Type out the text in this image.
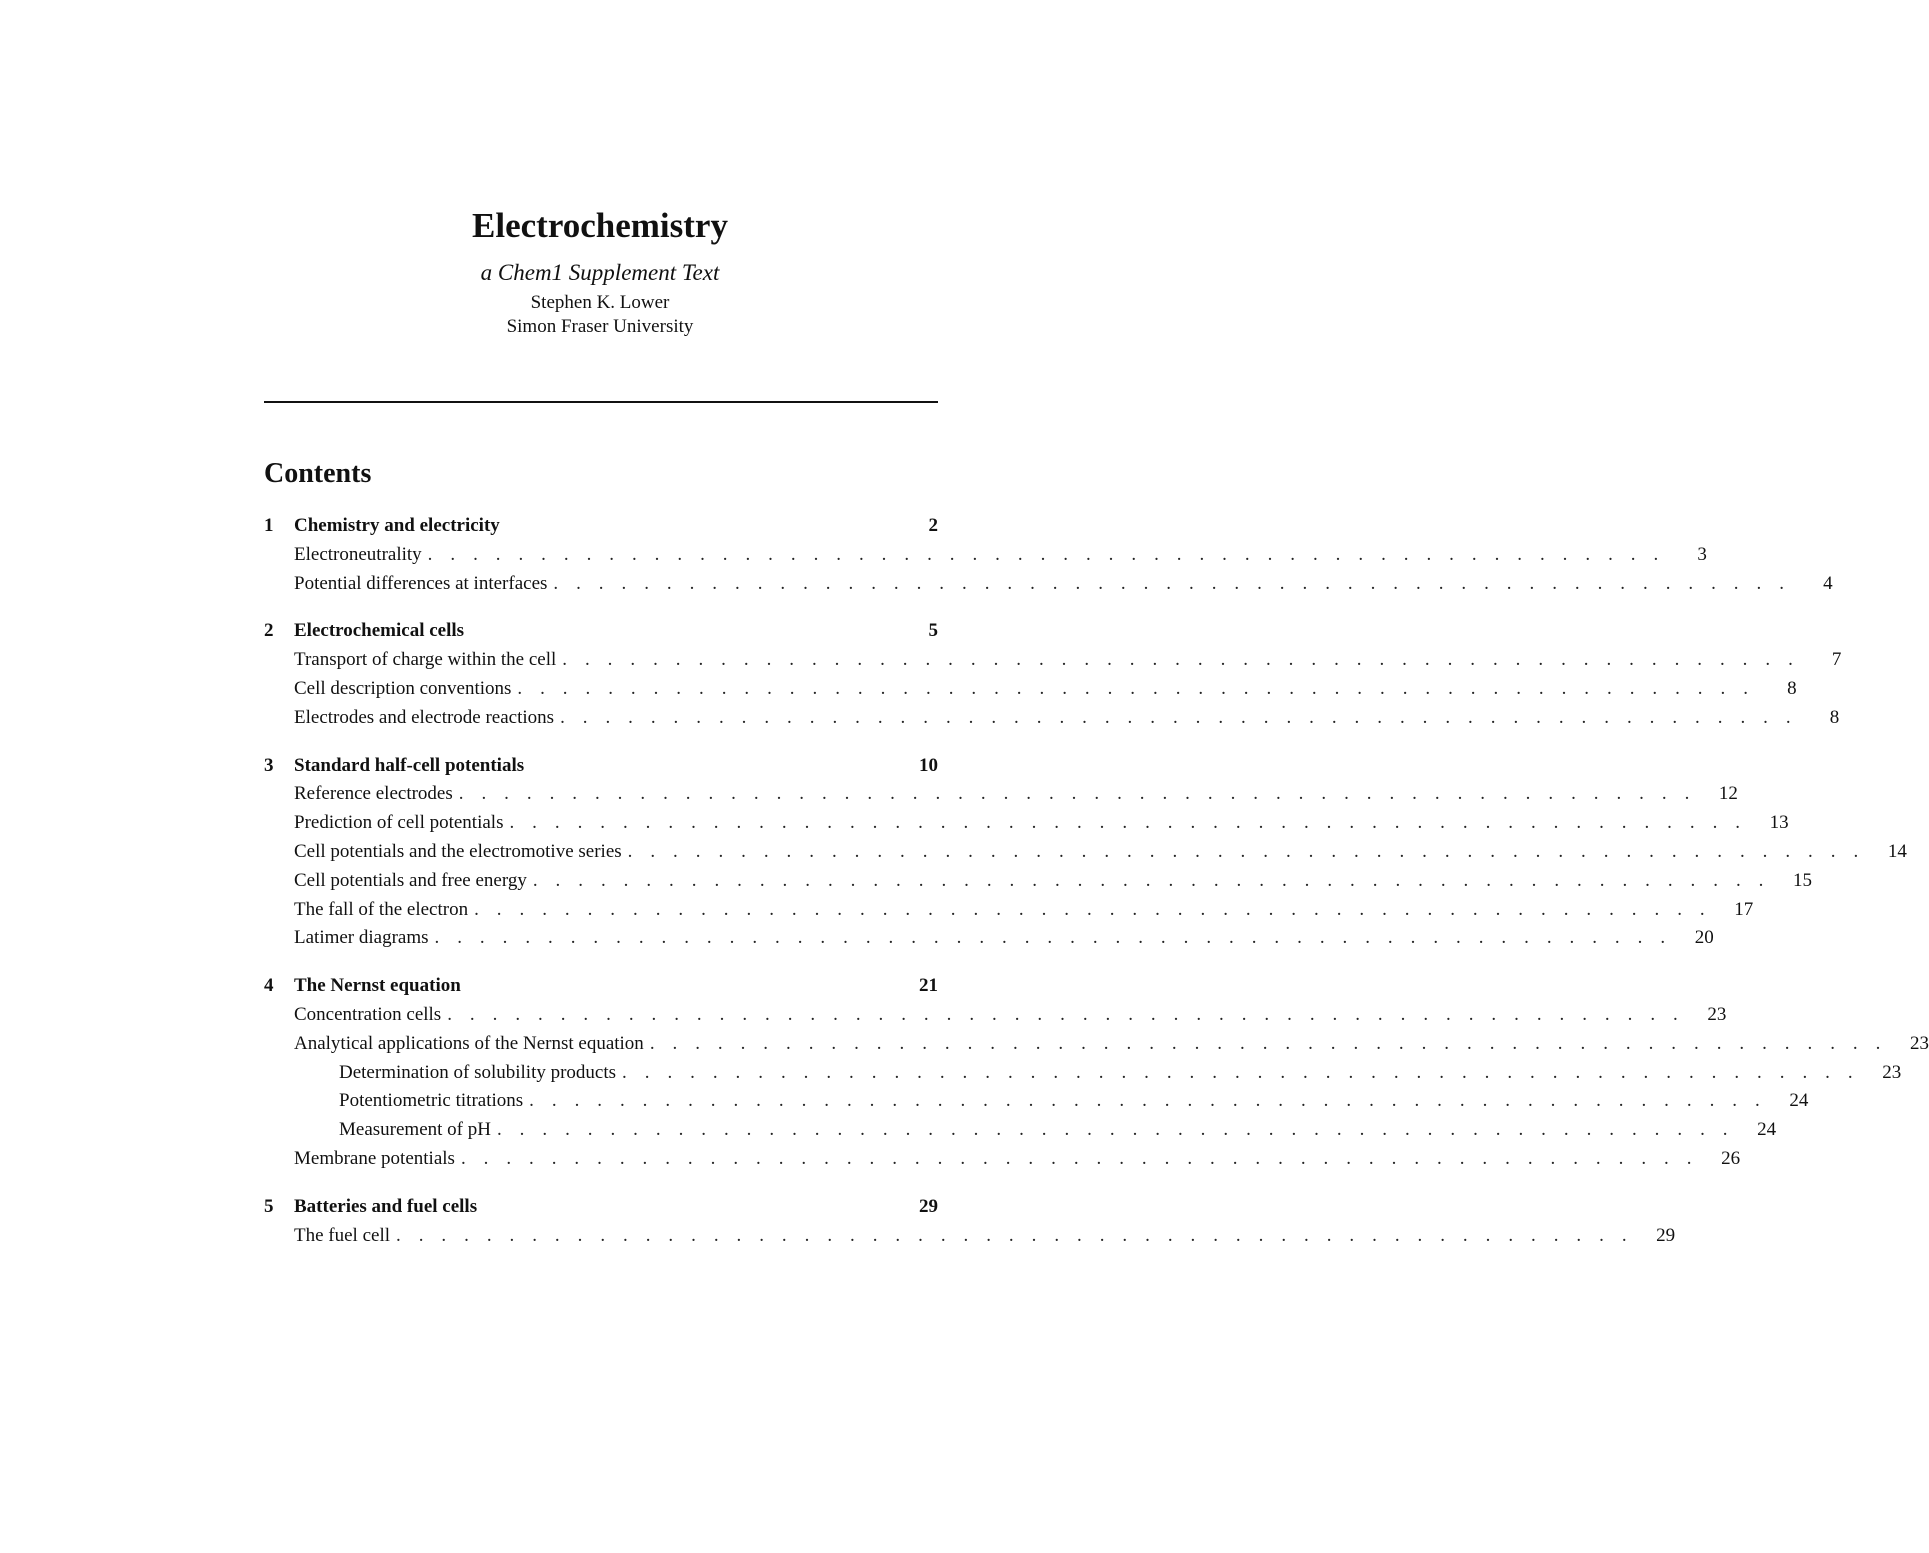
Electrochemistry
a Chem1 Supplement Text
Stephen K. Lower
Simon Fraser University
Contents
1	Chemistry and electricity	2
Electroneutrality . . . . . . . . . . . . . . . . . . . . . . . . . . . . . . . . . . . . . . . . . . . . . . . . . . . . . . .	3
Potential differences at interfaces . . . . . . . . . . . . . . . . . . . . . . . . . . . . . . . . . . . . . . . . . . . . . . . . . . . . . . .	4
2	Electrochemical cells	5
Transport of charge within the cell . . . . . . . . . . . . . . . . . . . . . . . . . . . . . . . . . . . . . . . . . . . . . . . . . . . . . . .	7
Cell description conventions . . . . . . . . . . . . . . . . . . . . . . . . . . . . . . . . . . . . . . . . . . . . . . . . . . . . . . .	8
Electrodes and electrode reactions . . . . . . . . . . . . . . . . . . . . . . . . . . . . . . . . . . . . . . . . . . . . . . . . . . . . . . .	8
3	Standard half-cell potentials	10
Reference electrodes . . . . . . . . . . . . . . . . . . . . . . . . . . . . . . . . . . . . . . . . . . . . . . . . . . . . . . .	12
Prediction of cell potentials . . . . . . . . . . . . . . . . . . . . . . . . . . . . . . . . . . . . . . . . . . . . . . . . . . . . . . .	13
Cell potentials and the electromotive series . . . . . . . . . . . . . . . . . . . . . . . . . . . . . . . . . . . . . . . . . . . . . . . . . . . . . . .	14
Cell potentials and free energy . . . . . . . . . . . . . . . . . . . . . . . . . . . . . . . . . . . . . . . . . . . . . . . . . . . . . . .	15
The fall of the electron . . . . . . . . . . . . . . . . . . . . . . . . . . . . . . . . . . . . . . . . . . . . . . . . . . . . . . .	17
Latimer diagrams . . . . . . . . . . . . . . . . . . . . . . . . . . . . . . . . . . . . . . . . . . . . . . . . . . . . . . .	20
4	The Nernst equation	21
Concentration cells . . . . . . . . . . . . . . . . . . . . . . . . . . . . . . . . . . . . . . . . . . . . . . . . . . . . . . .	23
Analytical applications of the Nernst equation . . . . . . . . . . . . . . . . . . . . . . . . . . . . . . . . . . . . . . . . . . . . . . . . . . . . . . .	23
Determination of solubility products . . . . . . . . . . . . . . . . . . . . . . . . . . . . . . . . . . . . . . . . . . . . . . . . . . . . . . .	23
Potentiometric titrations . . . . . . . . . . . . . . . . . . . . . . . . . . . . . . . . . . . . . . . . . . . . . . . . . . . . . . .	24
Measurement of pH . . . . . . . . . . . . . . . . . . . . . . . . . . . . . . . . . . . . . . . . . . . . . . . . . . . . . . .	24
Membrane potentials . . . . . . . . . . . . . . . . . . . . . . . . . . . . . . . . . . . . . . . . . . . . . . . . . . . . . . .	26
5	Batteries and fuel cells	29
The fuel cell . . . . . . . . . . . . . . . . . . . . . . . . . . . . . . . . . . . . . . . . . . . . . . . . . . . . . . .	29
